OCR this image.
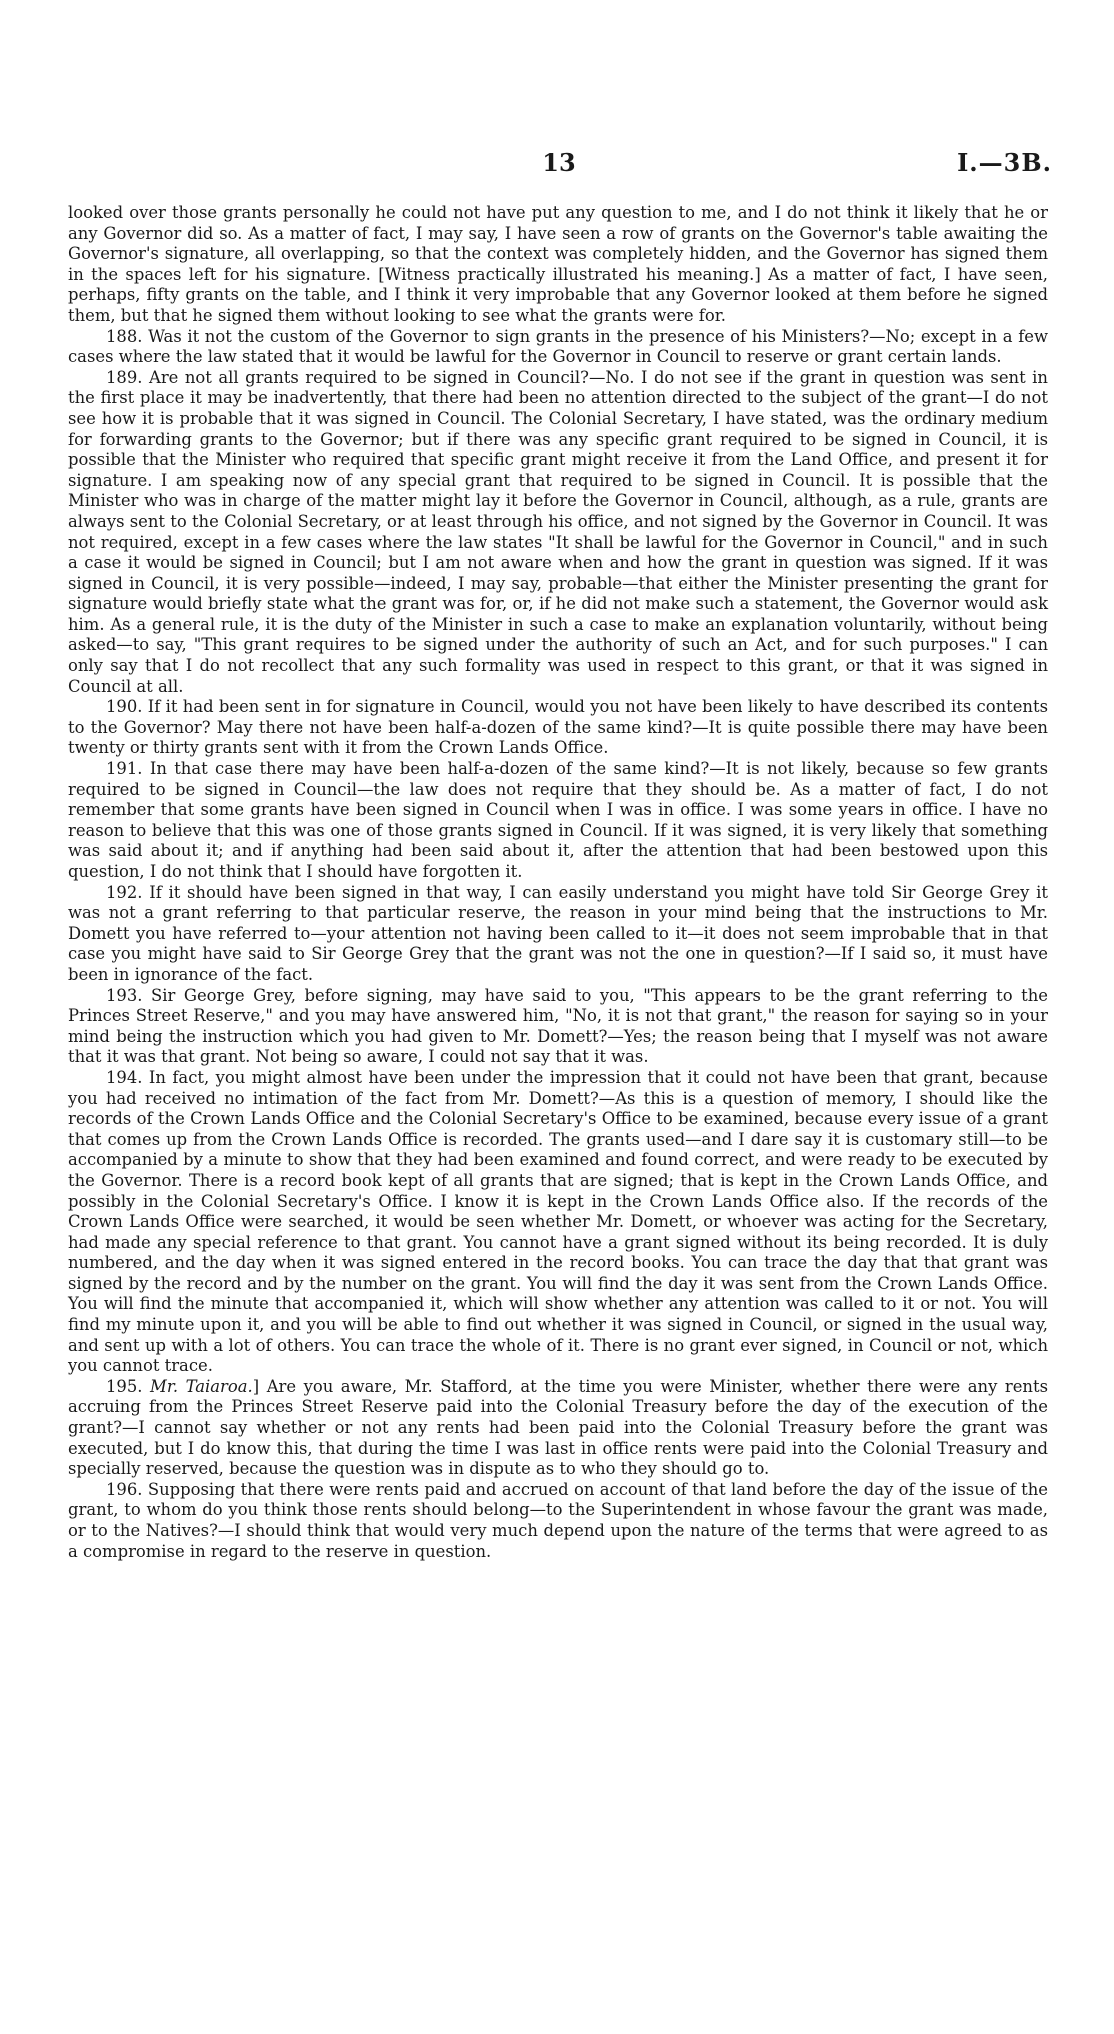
13	I.—3B.

looked over those grants personally he could not have put any question to me, and I do not think it likely that he or any Governor did so. As a matter of fact, I may say, I have seen a row of grants on the Governor's table awaiting the Governor's signature, all overlapping, so that the context was completely hidden, and the Governor has signed them in the spaces left for his signature. [Witness practically illustrated his meaning.] As a matter of fact, I have seen, perhaps, fifty grants on the table, and I think it very improbable that any Governor looked at them before he signed them, but that he signed them without looking to see what the grants were for.

188. Was it not the custom of the Governor to sign grants in the presence of his Ministers?—No; except in a few cases where the law stated that it would be lawful for the Governor in Council to reserve or grant certain lands.

189. Are not all grants required to be signed in Council?—No. I do not see if the grant in question was sent in the first place it may be inadvertently, that there had been no attention directed to the subject of the grant—I do not see how it is probable that it was signed in Council. The Colonial Secretary, I have stated, was the ordinary medium for forwarding grants to the Governor; but if there was any specific grant required to be signed in Council, it is possible that the Minister who required that specific grant might receive it from the Land Office, and present it for signature. I am speaking now of any special grant that required to be signed in Council. It is possible that the Minister who was in charge of the matter might lay it before the Governor in Council, although, as a rule, grants are always sent to the Colonial Secretary, or at least through his office, and not signed by the Governor in Council. It was not required, except in a few cases where the law states "It shall be lawful for the Governor in Council," and in such a case it would be signed in Council; but I am not aware when and how the grant in question was signed. If it was signed in Council, it is very possible—indeed, I may say, probable—that either the Minister presenting the grant for signature would briefly state what the grant was for, or, if he did not make such a statement, the Governor would ask him. As a general rule, it is the duty of the Minister in such a case to make an explanation voluntarily, without being asked—to say, "This grant requires to be signed under the authority of such an Act, and for such purposes." I can only say that I do not recollect that any such formality was used in respect to this grant, or that it was signed in Council at all.

190. If it had been sent in for signature in Council, would you not have been likely to have described its contents to the Governor? May there not have been half-a-dozen of the same kind?—It is quite possible there may have been twenty or thirty grants sent with it from the Crown Lands Office.

191. In that case there may have been half-a-dozen of the same kind?—It is not likely, because so few grants required to be signed in Council—the law does not require that they should be. As a matter of fact, I do not remember that some grants have been signed in Council when I was in office. I was some years in office. I have no reason to believe that this was one of those grants signed in Council. If it was signed, it is very likely that something was said about it; and if anything had been said about it, after the attention that had been bestowed upon this question, I do not think that I should have forgotten it.

192. If it should have been signed in that way, I can easily understand you might have told Sir George Grey it was not a grant referring to that particular reserve, the reason in your mind being that the instructions to Mr. Domett you have referred to—your attention not having been called to it—it does not seem improbable that in that case you might have said to Sir George Grey that the grant was not the one in question?—If I said so, it must have been in ignorance of the fact.

193. Sir George Grey, before signing, may have said to you, "This appears to be the grant referring to the Princes Street Reserve," and you may have answered him, "No, it is not that grant," the reason for saying so in your mind being the instruction which you had given to Mr. Domett?—Yes; the reason being that I myself was not aware that it was that grant. Not being so aware, I could not say that it was.

194. In fact, you might almost have been under the impression that it could not have been that grant, because you had received no intimation of the fact from Mr. Domett?—As this is a question of memory, I should like the records of the Crown Lands Office and the Colonial Secretary's Office to be examined, because every issue of a grant that comes up from the Crown Lands Office is recorded. The grants used—and I dare say it is customary still—to be accompanied by a minute to show that they had been examined and found correct, and were ready to be executed by the Governor. There is a record book kept of all grants that are signed; that is kept in the Crown Lands Office, and possibly in the Colonial Secretary's Office. I know it is kept in the Crown Lands Office also. If the records of the Crown Lands Office were searched, it would be seen whether Mr. Domett, or whoever was acting for the Secretary, had made any special reference to that grant. You cannot have a grant signed without its being recorded. It is duly numbered, and the day when it was signed entered in the record books. You can trace the day that that grant was signed by the record and by the number on the grant. You will find the day it was sent from the Crown Lands Office. You will find the minute that accompanied it, which will show whether any attention was called to it or not. You will find my minute upon it, and you will be able to find out whether it was signed in Council, or signed in the usual way, and sent up with a lot of others. You can trace the whole of it. There is no grant ever signed, in Council or not, which you cannot trace.

195. Mr. Taiaroa.] Are you aware, Mr. Stafford, at the time you were Minister, whether there were any rents accruing from the Princes Street Reserve paid into the Colonial Treasury before the day of the execution of the grant?—I cannot say whether or not any rents had been paid into the Colonial Treasury before the grant was executed, but I do know this, that during the time I was last in office rents were paid into the Colonial Treasury and specially reserved, because the question was in dispute as to who they should go to.

196. Supposing that there were rents paid and accrued on account of that land before the day of the issue of the grant, to whom do you think those rents should belong—to the Superintendent in whose favour the grant was made, or to the Natives?—I should think that would very much depend upon the nature of the terms that were agreed to as a compromise in regard to the reserve in question.
